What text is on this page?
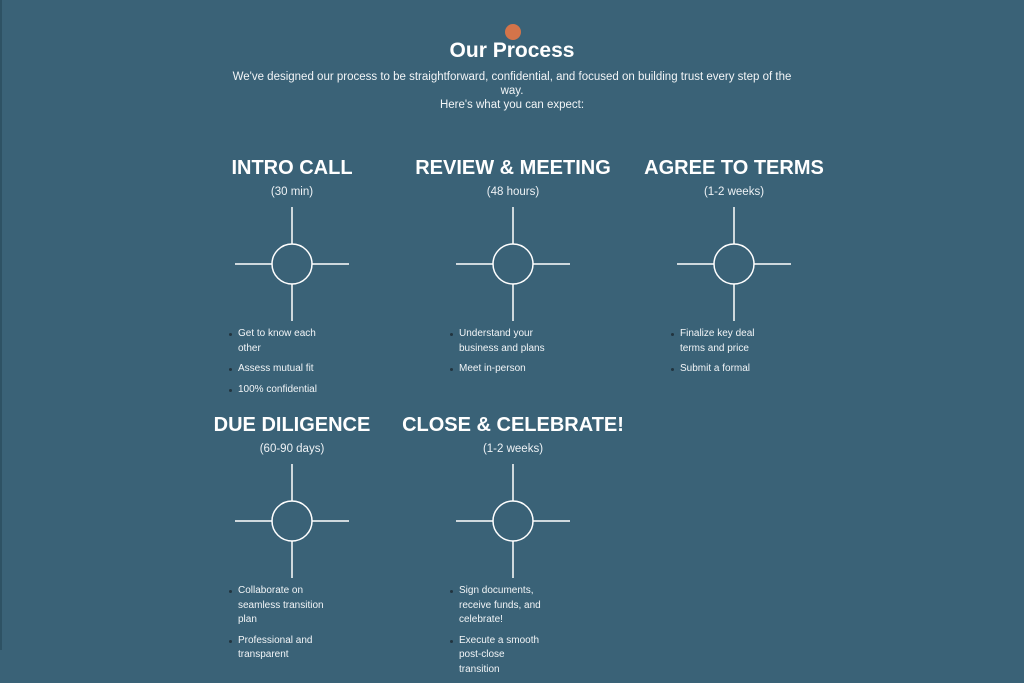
Our Process
We've designed our process to be straightforward, confidential, and focused on building trust every step of the way.
Here's what you can expect:
INTRO CALL
(30 min)
Get to know each other
Assess mutual fit
100% confidential
REVIEW & MEETING
(48 hours)
Understand your business and plans
Meet in-person
AGREE TO TERMS
(1-2 weeks)
Finalize key deal terms and price
Submit a formal
DUE DILIGENCE
(60-90 days)
Collaborate on seamless transition plan
Professional and transparent
CLOSE & CELEBRATE!
(1-2 weeks)
Sign documents, receive funds, and celebrate!
Execute a smooth post-close transition
